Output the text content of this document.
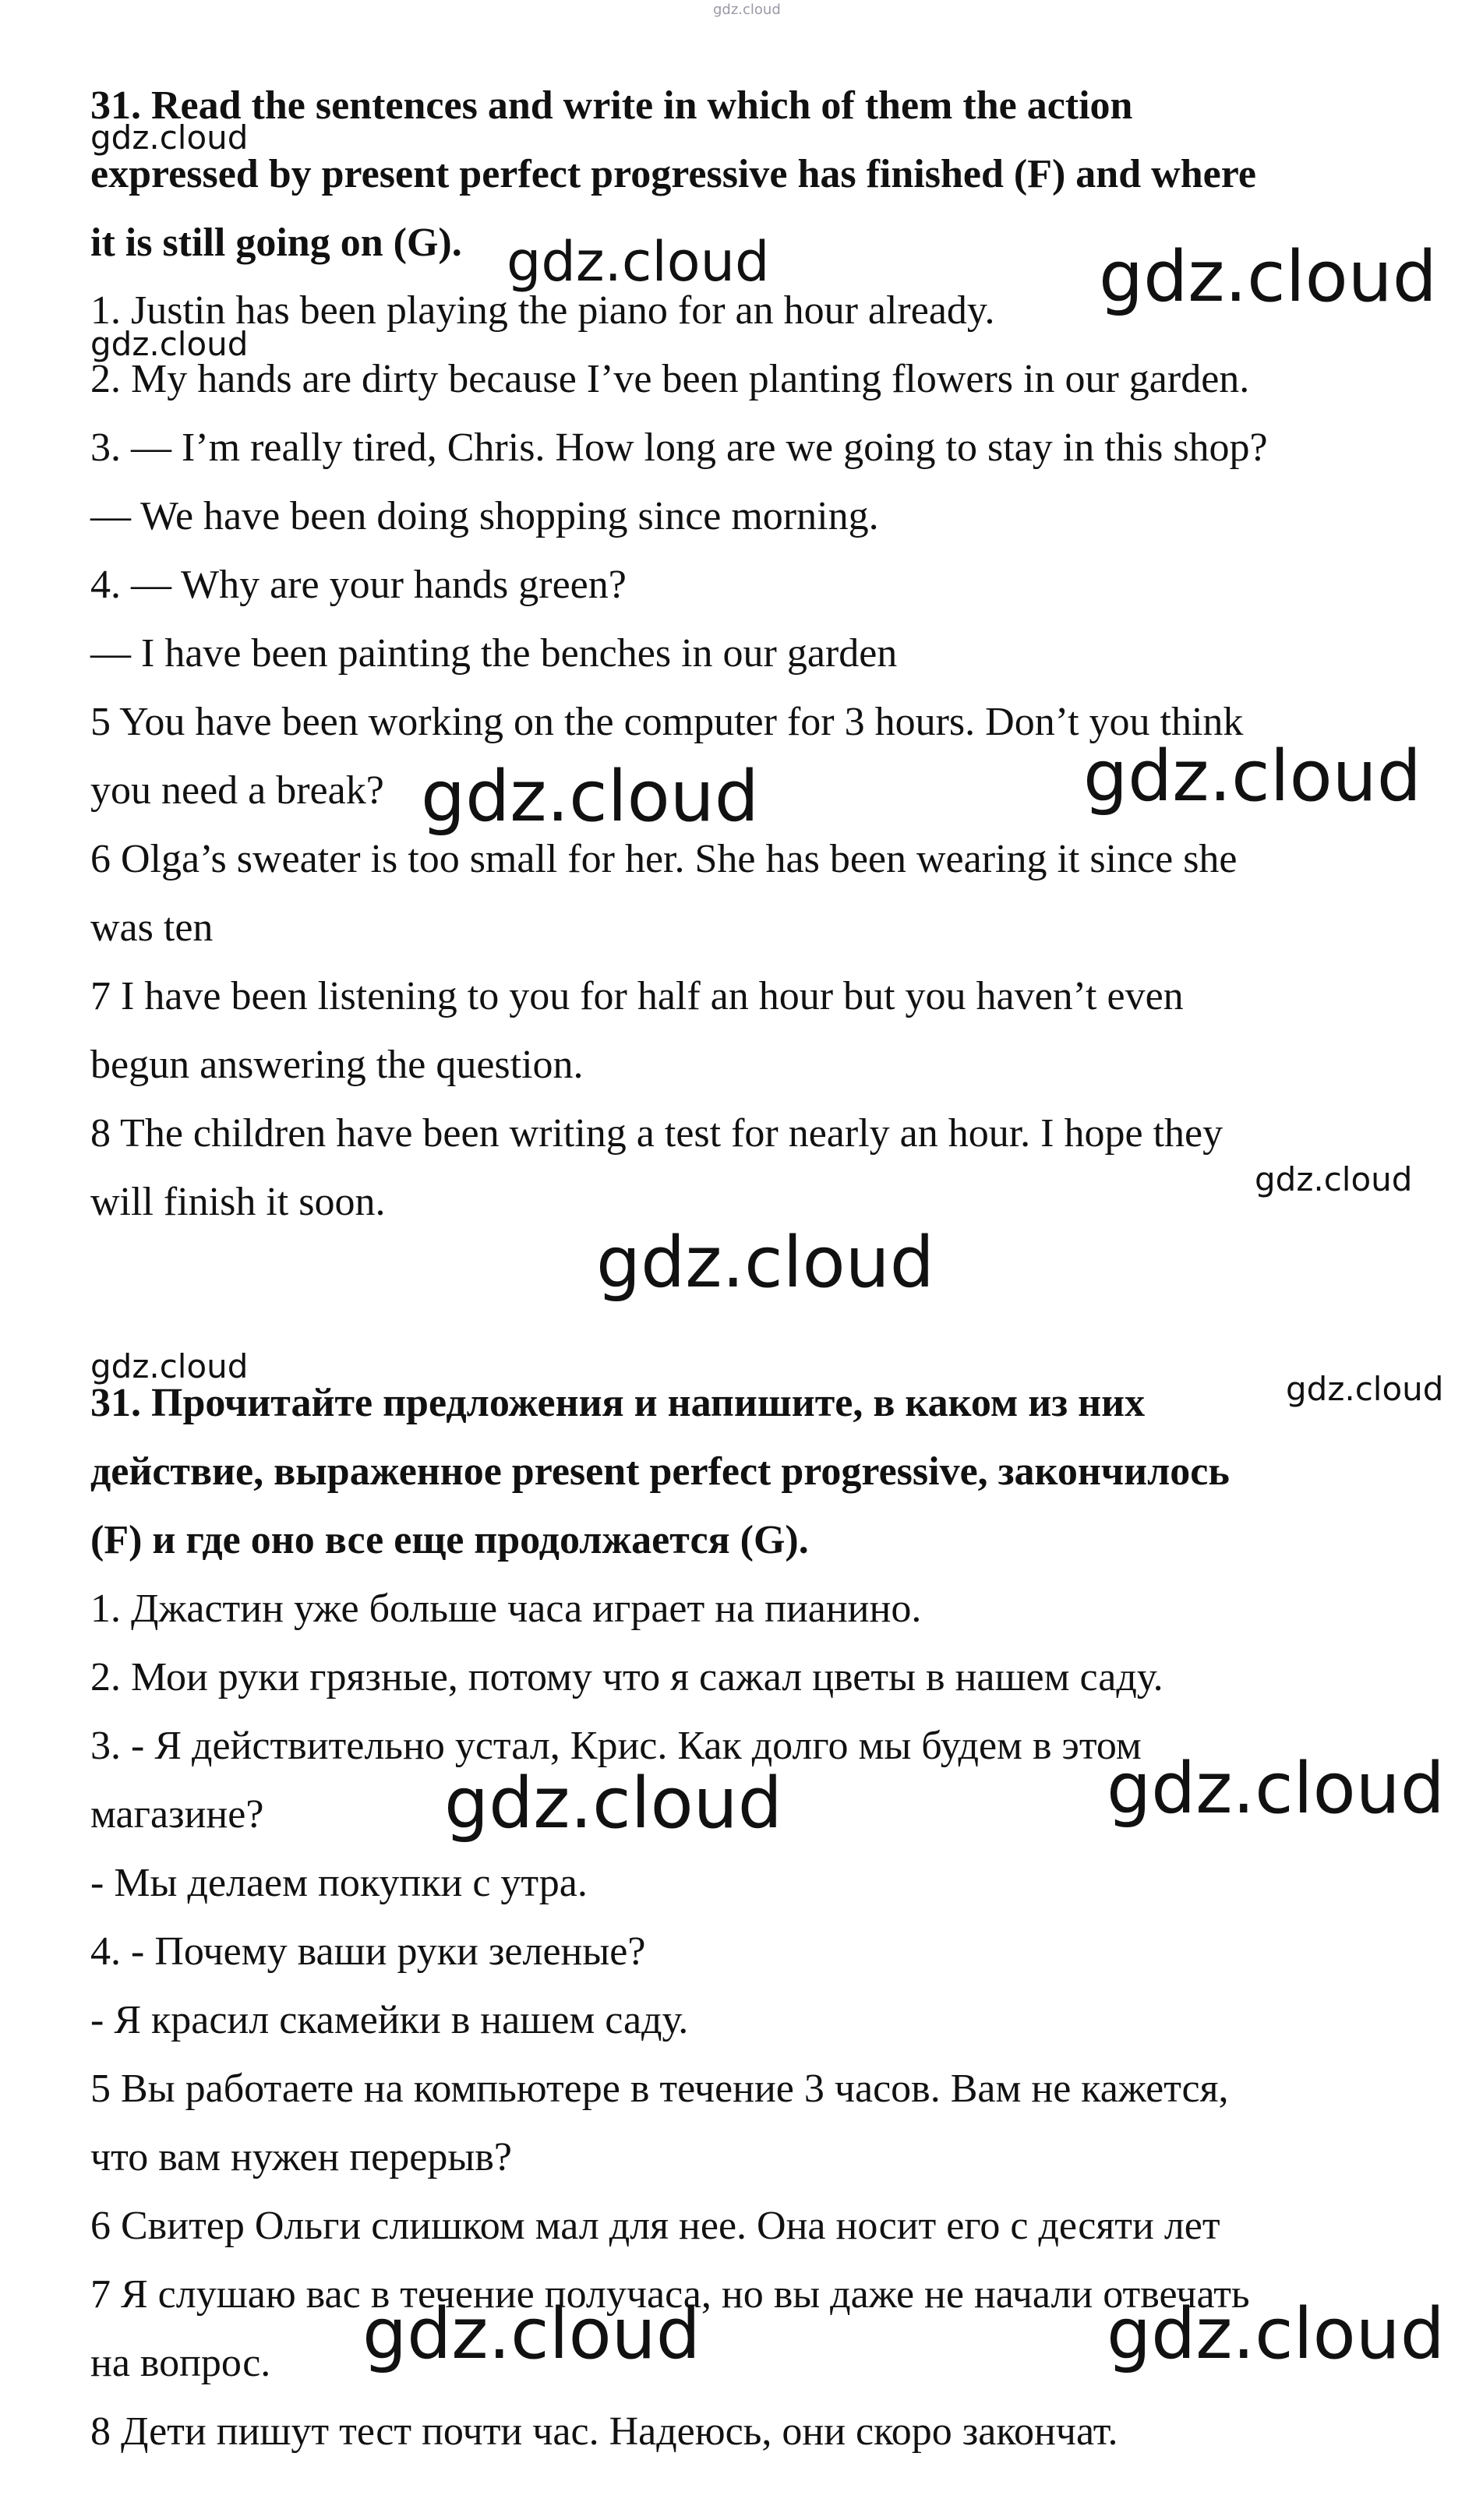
gdz.cloud
31. Read the sentences and write in which of them the action
expressed by present perfect progressive has finished (F) and where
it is still going on (G).
1. Justin has been playing the piano for an hour already.
2. My hands are dirty because I’ve been planting flowers in our garden.
3. — I’m really tired, Chris. How long are we going to stay in this shop?
— We have been doing shopping since morning.
4. — Why are your hands green?
— I have been painting the benches in our garden
5 You have been working on the computer for 3 hours. Don’t you think
you need a break?
6 Olga’s sweater is too small for her. She has been wearing it since she
was ten
7 I have been listening to you for half an hour but you haven’t even
begun answering the question.
8 The children have been writing a test for nearly an hour. I hope they
will finish it soon.
31. Прочитайте предложения и напишите, в каком из них
действие, выраженное present perfect progressive, закончилось
(F) и где оно все еще продолжается (G).
1. Джастин уже больше часа играет на пианино.
2. Мои руки грязные, потому что я сажал цветы в нашем саду.
3. - Я действительно устал, Крис. Как долго мы будем в этом
магазине?
- Мы делаем покупки с утра.
4. - Почему ваши руки зеленые?
- Я красил скамейки в нашем саду.
5 Вы работаете на компьютере в течение 3 часов. Вам не кажется,
что вам нужен перерыв?
6 Свитер Ольги слишком мал для нее. Она носит его с десяти лет
7 Я слушаю вас в течение получаса, но вы даже не начали отвечать
на вопрос.
8 Дети пишут тест почти час. Надеюсь, они скоро закончат.
gdz.cloud
gdz.cloud	gdz.cloud
gdz.cloud
gdz.cloud	gdz.cloud
gdz.cloud
gdz.cloud
gdz.cloud
gdz.cloud
gdz.cloud	gdz.cloud
gdz.cloud	gdz.cloud
